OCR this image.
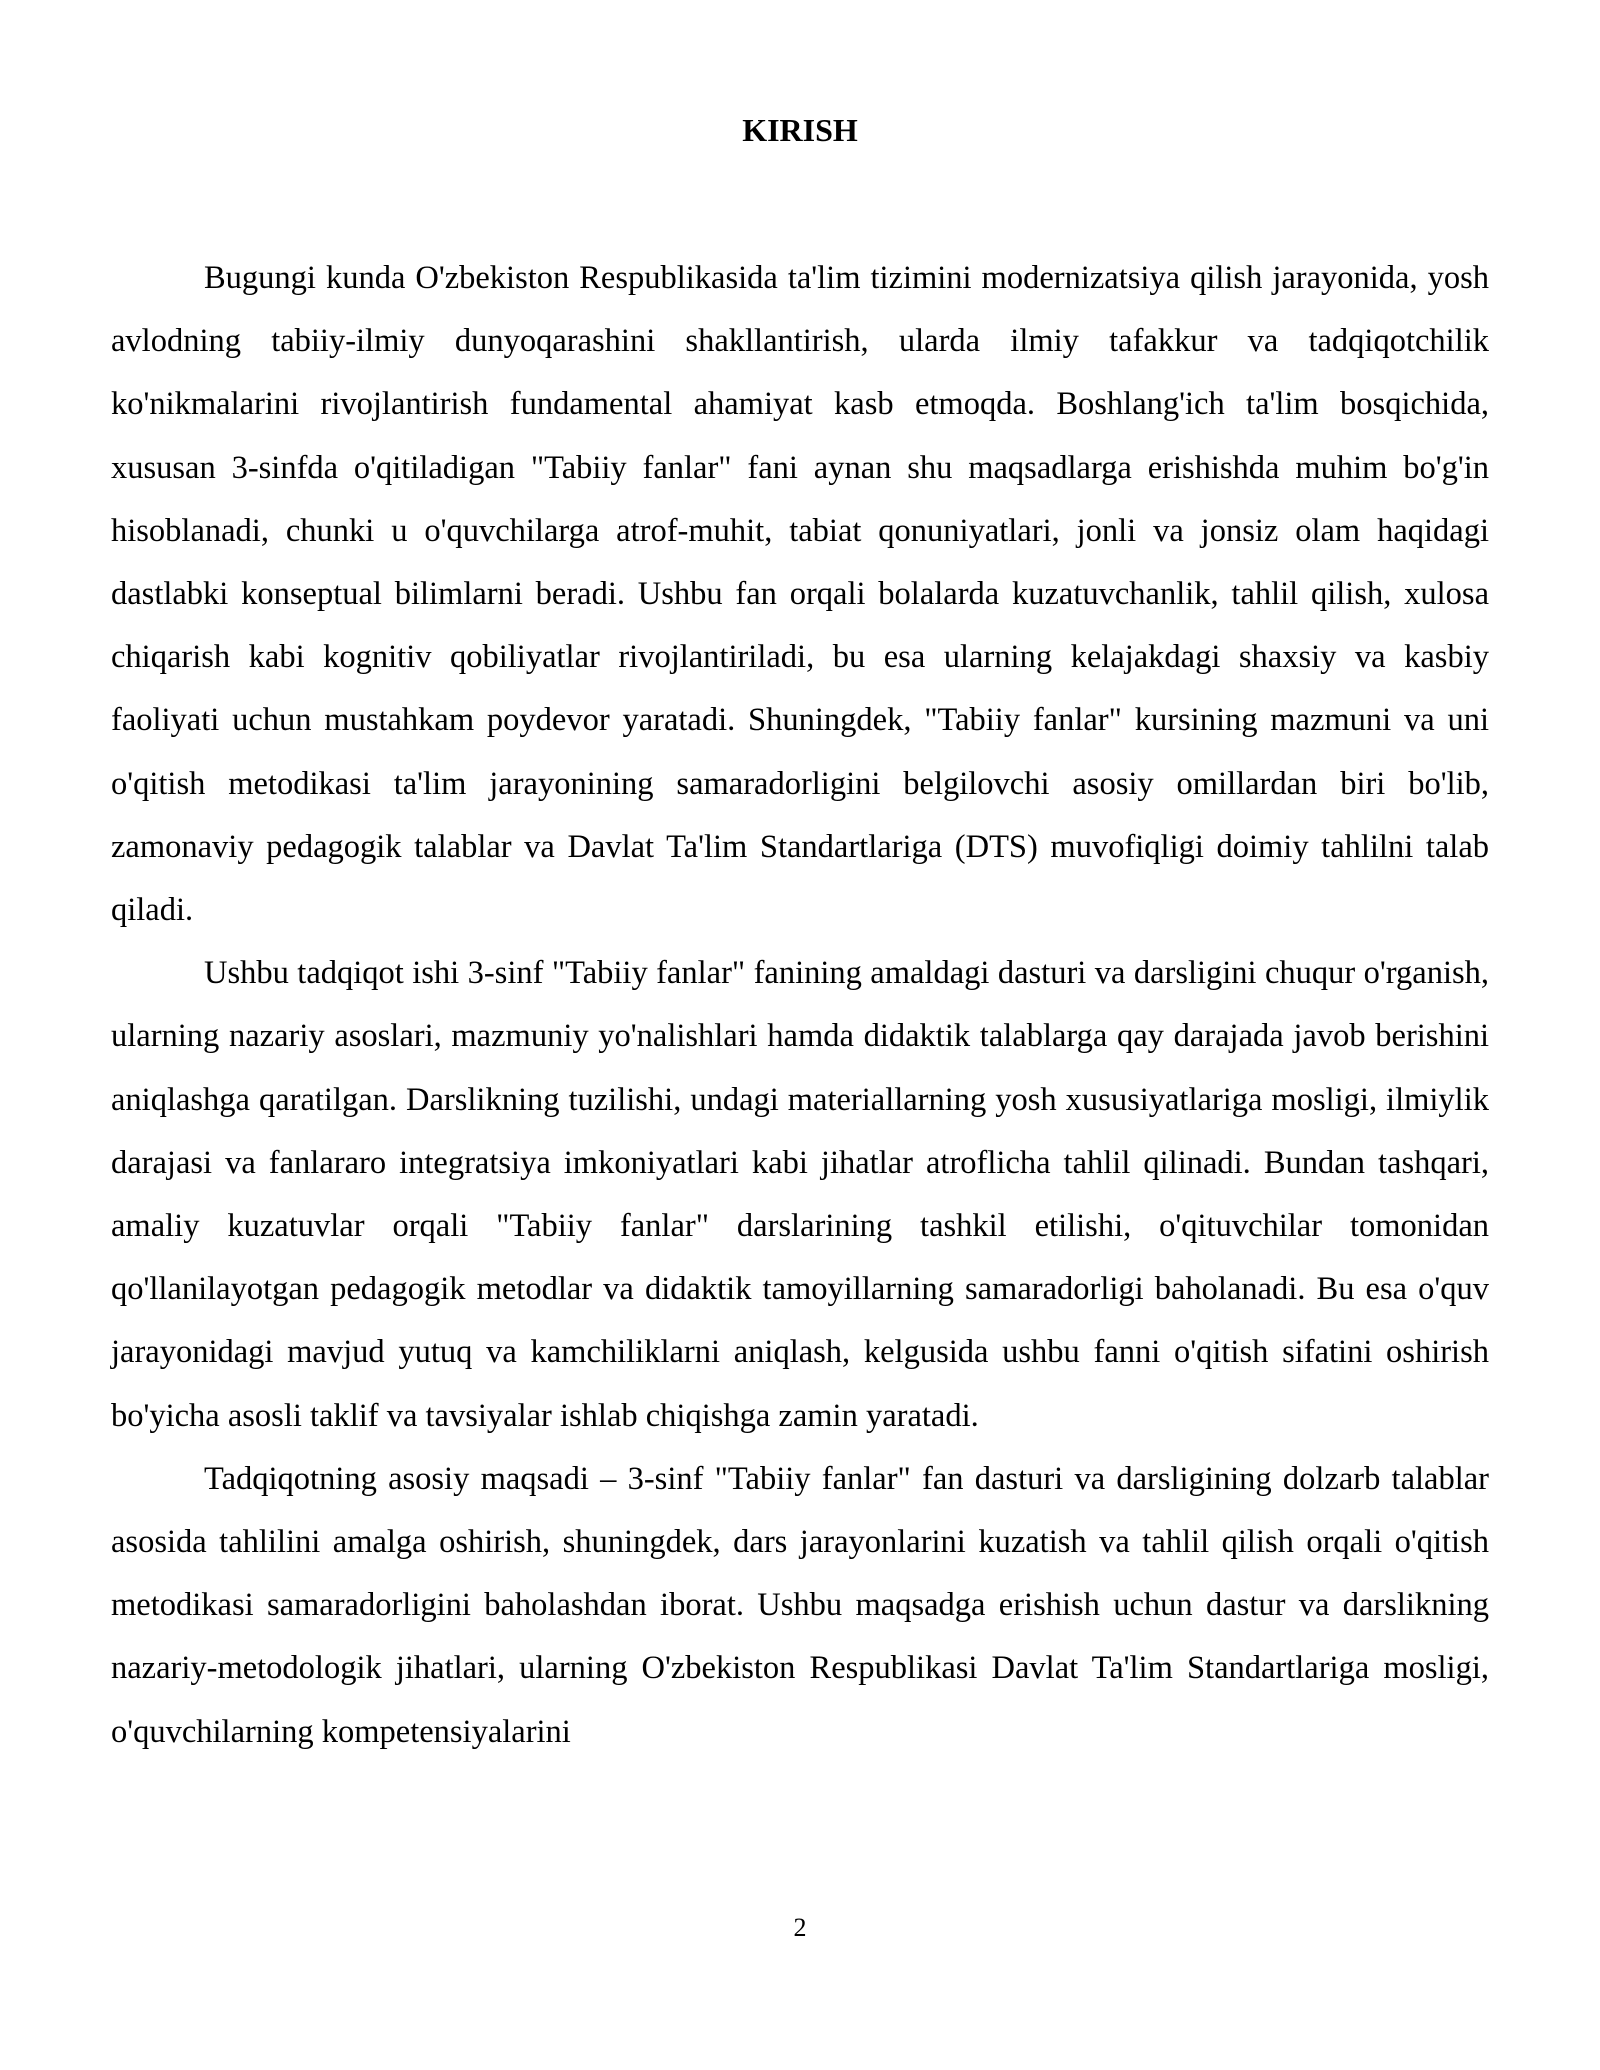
KIRISH

Bugungi kunda O'zbekiston Respublikasida ta'lim tizimini modernizatsiya qilish jarayonida, yosh avlodning tabiiy-ilmiy dunyoqarashini shakllantirish, ularda ilmiy tafakkur va tadqiqotchilik ko'nikmalarini rivojlantirish fundamental ahamiyat kasb etmoqda. Boshlang'ich ta'lim bosqichida, xususan 3-sinfda o'qitiladigan "Tabiiy fanlar" fani aynan shu maqsadlarga erishishda muhim bo'g'in hisoblanadi, chunki u o'quvchilarga atrof-muhit, tabiat qonuniyatlari, jonli va jonsiz olam haqidagi dastlabki konseptual bilimlarni beradi. Ushbu fan orqali bolalarda kuzatuvchanlik, tahlil qilish, xulosa chiqarish kabi kognitiv qobiliyatlar rivojlantiriladi, bu esa ularning kelajakdagi shaxsiy va kasbiy faoliyati uchun mustahkam poydevor yaratadi. Shuningdek, "Tabiiy fanlar" kursining mazmuni va uni o'qitish metodikasi ta'lim jarayonining samaradorligini belgilovchi asosiy omillardan biri bo'lib, zamonaviy pedagogik talablar va Davlat Ta'lim Standartlariga (DTS) muvofiqligi doimiy tahlilni talab qiladi.

Ushbu tadqiqot ishi 3-sinf "Tabiiy fanlar" fanining amaldagi dasturi va darsligini chuqur o'rganish, ularning nazariy asoslari, mazmuniy yo'nalishlari hamda didaktik talablarga qay darajada javob berishini aniqlashga qaratilgan. Darslikning tuzilishi, undagi materiallarning yosh xususiyatlariga mosligi, ilmiylik darajasi va fanlararo integratsiya imkoniyatlari kabi jihatlar atroflicha tahlil qilinadi. Bundan tashqari, amaliy kuzatuvlar orqali "Tabiiy fanlar" darslarining tashkil etilishi, o'qituvchilar tomonidan qo'llanilayotgan pedagogik metodlar va didaktik tamoyillarning samaradorligi baholanadi. Bu esa o'quv jarayonidagi mavjud yutuq va kamchiliklarni aniqlash, kelgusida ushbu fanni o'qitish sifatini oshirish bo'yicha asosli taklif va tavsiyalar ishlab chiqishga zamin yaratadi.

Tadqiqotning asosiy maqsadi – 3-sinf "Tabiiy fanlar" fan dasturi va darsligining dolzarb talablar asosida tahlilini amalga oshirish, shuningdek, dars jarayonlarini kuzatish va tahlil qilish orqali o'qitish metodikasi samaradorligini baholashdan iborat. Ushbu maqsadga erishish uchun dastur va darslikning nazariy-metodologik jihatlari, ularning O'zbekiston Respublikasi Davlat Ta'lim Standartlariga mosligi, o'quvchilarning kompetensiyalarini

2
